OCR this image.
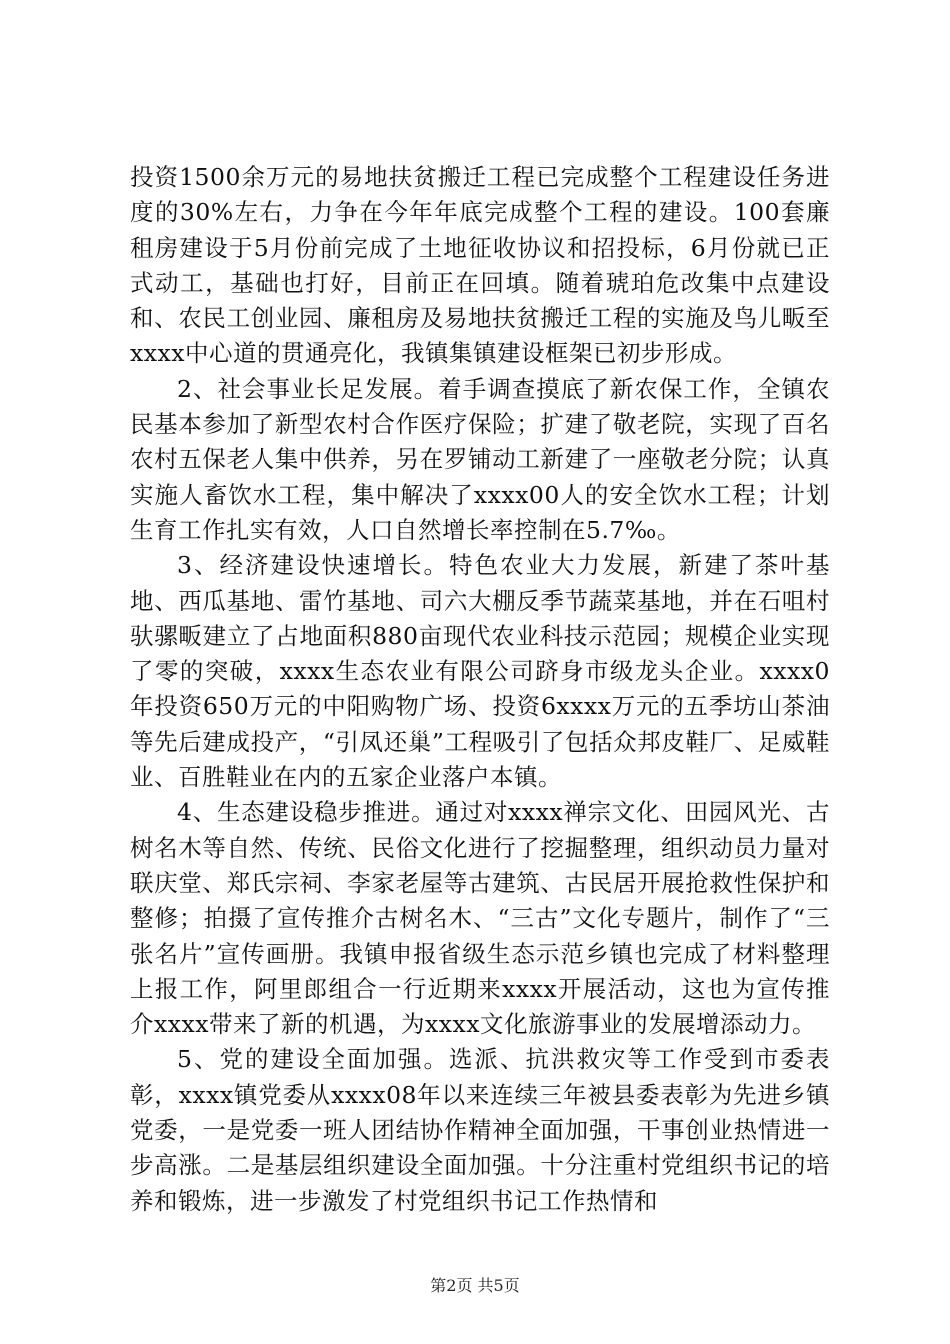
投资1500余万元的易地扶贫搬迁工程已完成整个工程建设任务进度的30%左右，力争在今年年底完成整个工程的建设。100套廉租房建设于5月份前完成了土地征收协议和招投标，6月份就已正式动工，基础也打好，目前正在回填。随着琥珀危改集中点建设和、农民工创业园、廉租房及易地扶贫搬迁工程的实施及鸟儿畈至xxxx中心道的贯通亮化，我镇集镇建设框架已初步形成。

2、社会事业长足发展。着手调查摸底了新农保工作，全镇农民基本参加了新型农村合作医疗保险；扩建了敬老院，实现了百名农村五保老人集中供养，另在罗铺动工新建了一座敬老分院；认真实施人畜饮水工程，集中解决了xxxx00人的安全饮水工程；计划生育工作扎实有效，人口自然增长率控制在5.7‰。

3、经济建设快速增长。特色农业大力发展，新建了茶叶基地、西瓜基地、雷竹基地、司六大棚反季节蔬菜基地，并在石咀村驮骡畈建立了占地面积880亩现代农业科技示范园；规模企业实现了零的突破，xxxx生态农业有限公司跻身市级龙头企业。xxxx0年投资650万元的中阳购物广场、投资6xxxx万元的五季坊山茶油等先后建成投产，“引凤还巢”工程吸引了包括众邦皮鞋厂、足威鞋业、百胜鞋业在内的五家企业落户本镇。

4、生态建设稳步推进。通过对xxxx禅宗文化、田园风光、古树名木等自然、传统、民俗文化进行了挖掘整理，组织动员力量对联庆堂、郑氏宗祠、李家老屋等古建筑、古民居开展抢救性保护和整修；拍摄了宣传推介古树名木、“三古”文化专题片，制作了“三张名片”宣传画册。我镇申报省级生态示范乡镇也完成了材料整理上报工作，阿里郎组合一行近期来xxxx开展活动，这也为宣传推介xxxx带来了新的机遇，为xxxx文化旅游事业的发展增添动力。

5、党的建设全面加强。选派、抗洪救灾等工作受到市委表彰，xxxx镇党委从xxxx08年以来连续三年被县委表彰为先进乡镇党委，一是党委一班人团结协作精神全面加强，干事创业热情进一步高涨。二是基层组织建设全面加强。十分注重村党组织书记的培养和锻炼，进一步激发了村党组织书记工作热情和

第2页 共5页
